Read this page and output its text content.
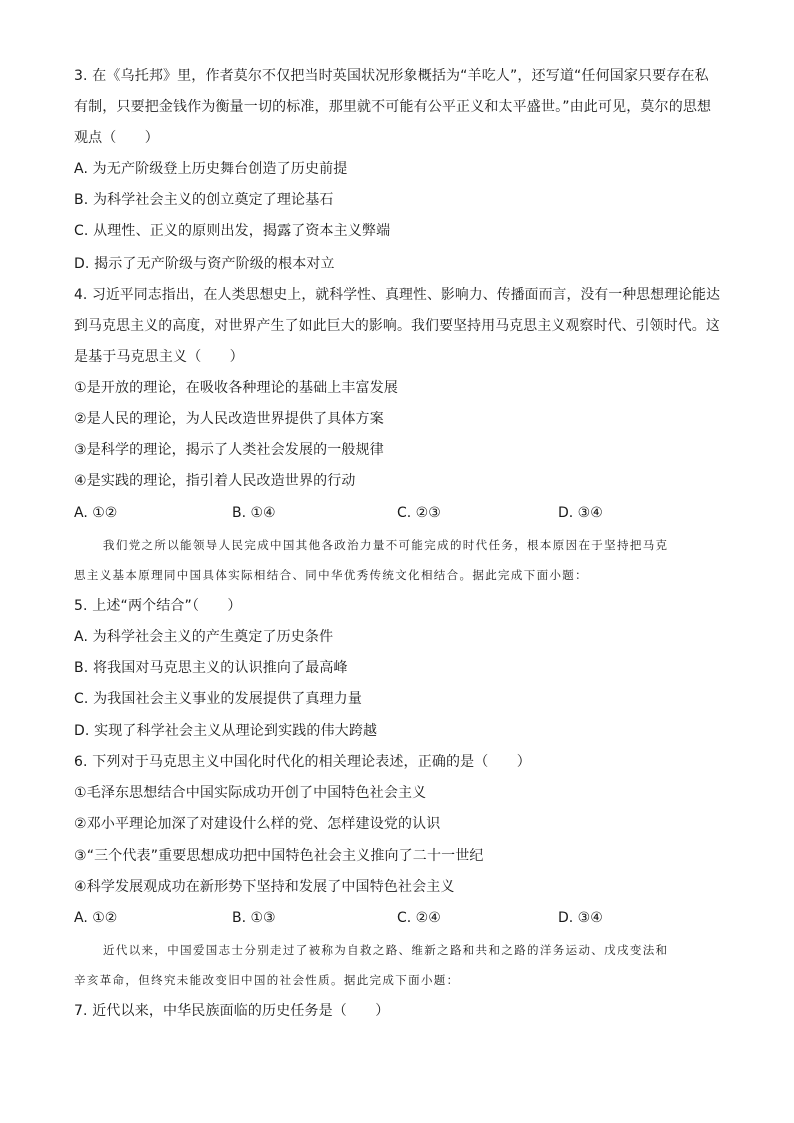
3. 在《乌托邦》里，作者莫尔不仅把当时英国状况形象概括为“羊吃人”，还写道“任何国家只要存在私
有制，只要把金钱作为衡量一切的标准，那里就不可能有公平正义和太平盛世。”由此可见，莫尔的思想
观点（　　）
A. 为无产阶级登上历史舞台创造了历史前提
B. 为科学社会主义的创立奠定了理论基石
C. 从理性、正义的原则出发，揭露了资本主义弊端
D. 揭示了无产阶级与资产阶级的根本对立
4. 习近平同志指出，在人类思想史上，就科学性、真理性、影响力、传播面而言，没有一种思想理论能达
到马克思主义的高度，对世界产生了如此巨大的影响。我们要坚持用马克思主义观察时代、引领时代。这
是基于马克思主义（　　）
①是开放的理论，在吸收各种理论的基础上丰富发展
②是人民的理论，为人民改造世界提供了具体方案
③是科学的理论，揭示了人类社会发展的一般规律
④是实践的理论，指引着人民改造世界的行动
A. ①②	B. ①④	C. ②③	D. ③④
我们党之所以能领导人民完成中国其他各政治力量不可能完成的时代任务，根本原因在于坚持把马克
思主义基本原理同中国具体实际相结合、同中华优秀传统文化相结合。据此完成下面小题：
5. 上述“两个结合”（　　）
A. 为科学社会主义的产生奠定了历史条件
B. 将我国对马克思主义的认识推向了最高峰
C. 为我国社会主义事业的发展提供了真理力量
D. 实现了科学社会主义从理论到实践的伟大跨越
6. 下列对于马克思主义中国化时代化的相关理论表述，正确的是（　　）
①毛泽东思想结合中国实际成功开创了中国特色社会主义
②邓小平理论加深了对建设什么样的党、怎样建设党的认识
③“三个代表”重要思想成功把中国特色社会主义推向了二十一世纪
④科学发展观成功在新形势下坚持和发展了中国特色社会主义
A. ①②	B. ①③	C. ②④	D. ③④
近代以来，中国爱国志士分别走过了被称为自救之路、维新之路和共和之路的洋务运动、戊戌变法和
辛亥革命，但终究未能改变旧中国的社会性质。据此完成下面小题：
7. 近代以来，中华民族面临的历史任务是（　　）
